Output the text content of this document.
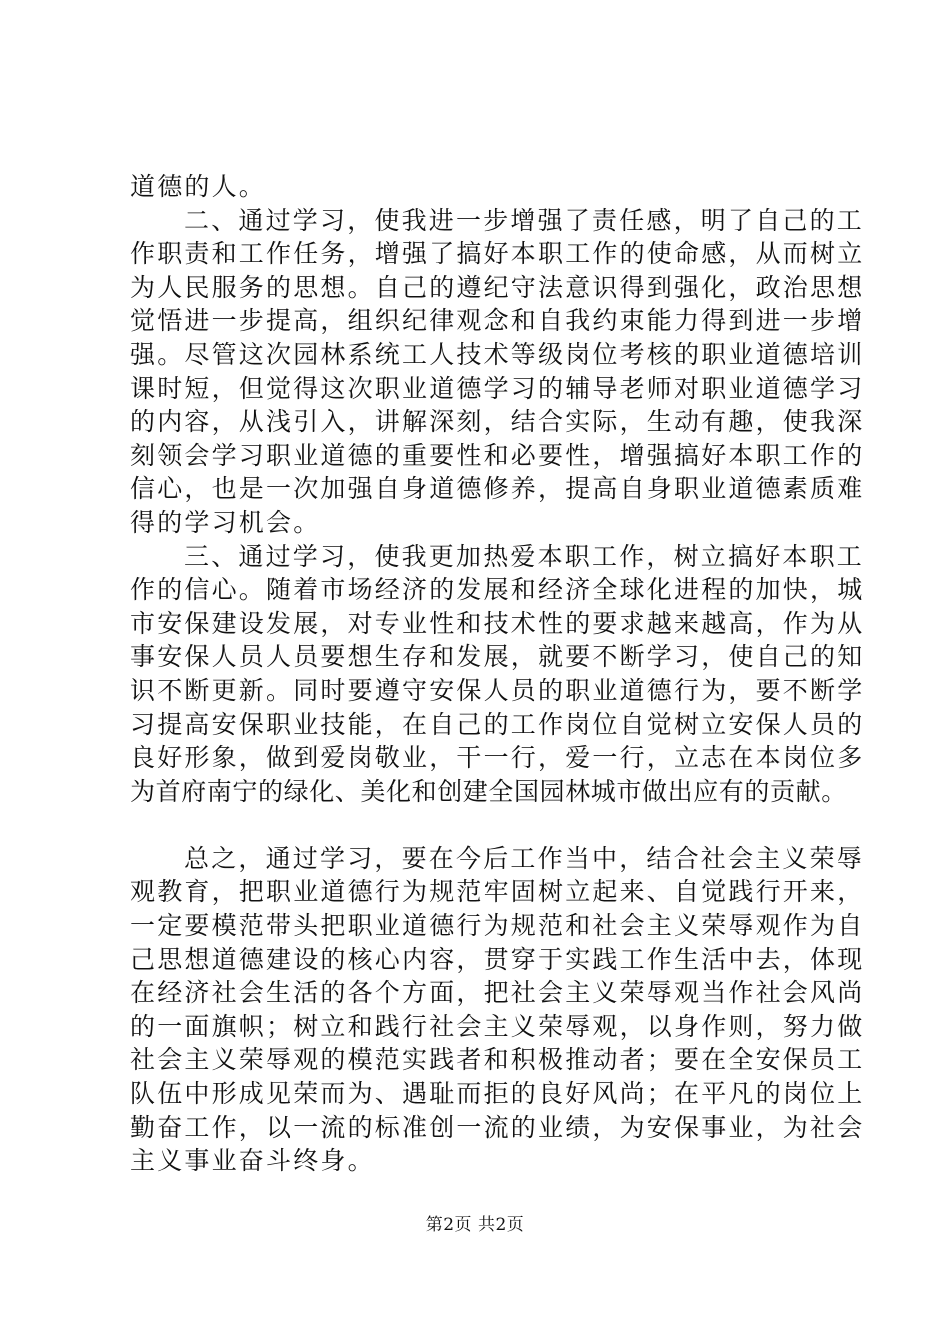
道德的人。
二、通过学习，使我进一步增强了责任感，明了自己的工
作职责和工作任务，增强了搞好本职工作的使命感，从而树立
为人民服务的思想。自己的遵纪守法意识得到强化，政治思想
觉悟进一步提高，组织纪律观念和自我约束能力得到进一步增
强。尽管这次园林系统工人技术等级岗位考核的职业道德培训
课时短，但觉得这次职业道德学习的辅导老师对职业道德学习
的内容，从浅引入，讲解深刻，结合实际，生动有趣，使我深
刻领会学习职业道德的重要性和必要性，增强搞好本职工作的
信心，也是一次加强自身道德修养，提高自身职业道德素质难
得的学习机会。
三、通过学习，使我更加热爱本职工作，树立搞好本职工
作的信心。随着市场经济的发展和经济全球化进程的加快，城
市安保建设发展，对专业性和技术性的要求越来越高，作为从
事安保人员人员要想生存和发展，就要不断学习，使自己的知
识不断更新。同时要遵守安保人员的职业道德行为，要不断学
习提高安保职业技能，在自己的工作岗位自觉树立安保人员的
良好形象，做到爱岗敬业，干一行，爱一行，立志在本岗位多
为首府南宁的绿化、美化和创建全国园林城市做出应有的贡献。
总之，通过学习，要在今后工作当中，结合社会主义荣辱
观教育，把职业道德行为规范牢固树立起来、自觉践行开来，
一定要模范带头把职业道德行为规范和社会主义荣辱观作为自
己思想道德建设的核心内容，贯穿于实践工作生活中去，体现
在经济社会生活的各个方面，把社会主义荣辱观当作社会风尚
的一面旗帜；树立和践行社会主义荣辱观，以身作则，努力做
社会主义荣辱观的模范实践者和积极推动者；要在全安保员工
队伍中形成见荣而为、遇耻而拒的良好风尚；在平凡的岗位上
勤奋工作，以一流的标准创一流的业绩，为安保事业，为社会
主义事业奋斗终身。
第2页 共2页
